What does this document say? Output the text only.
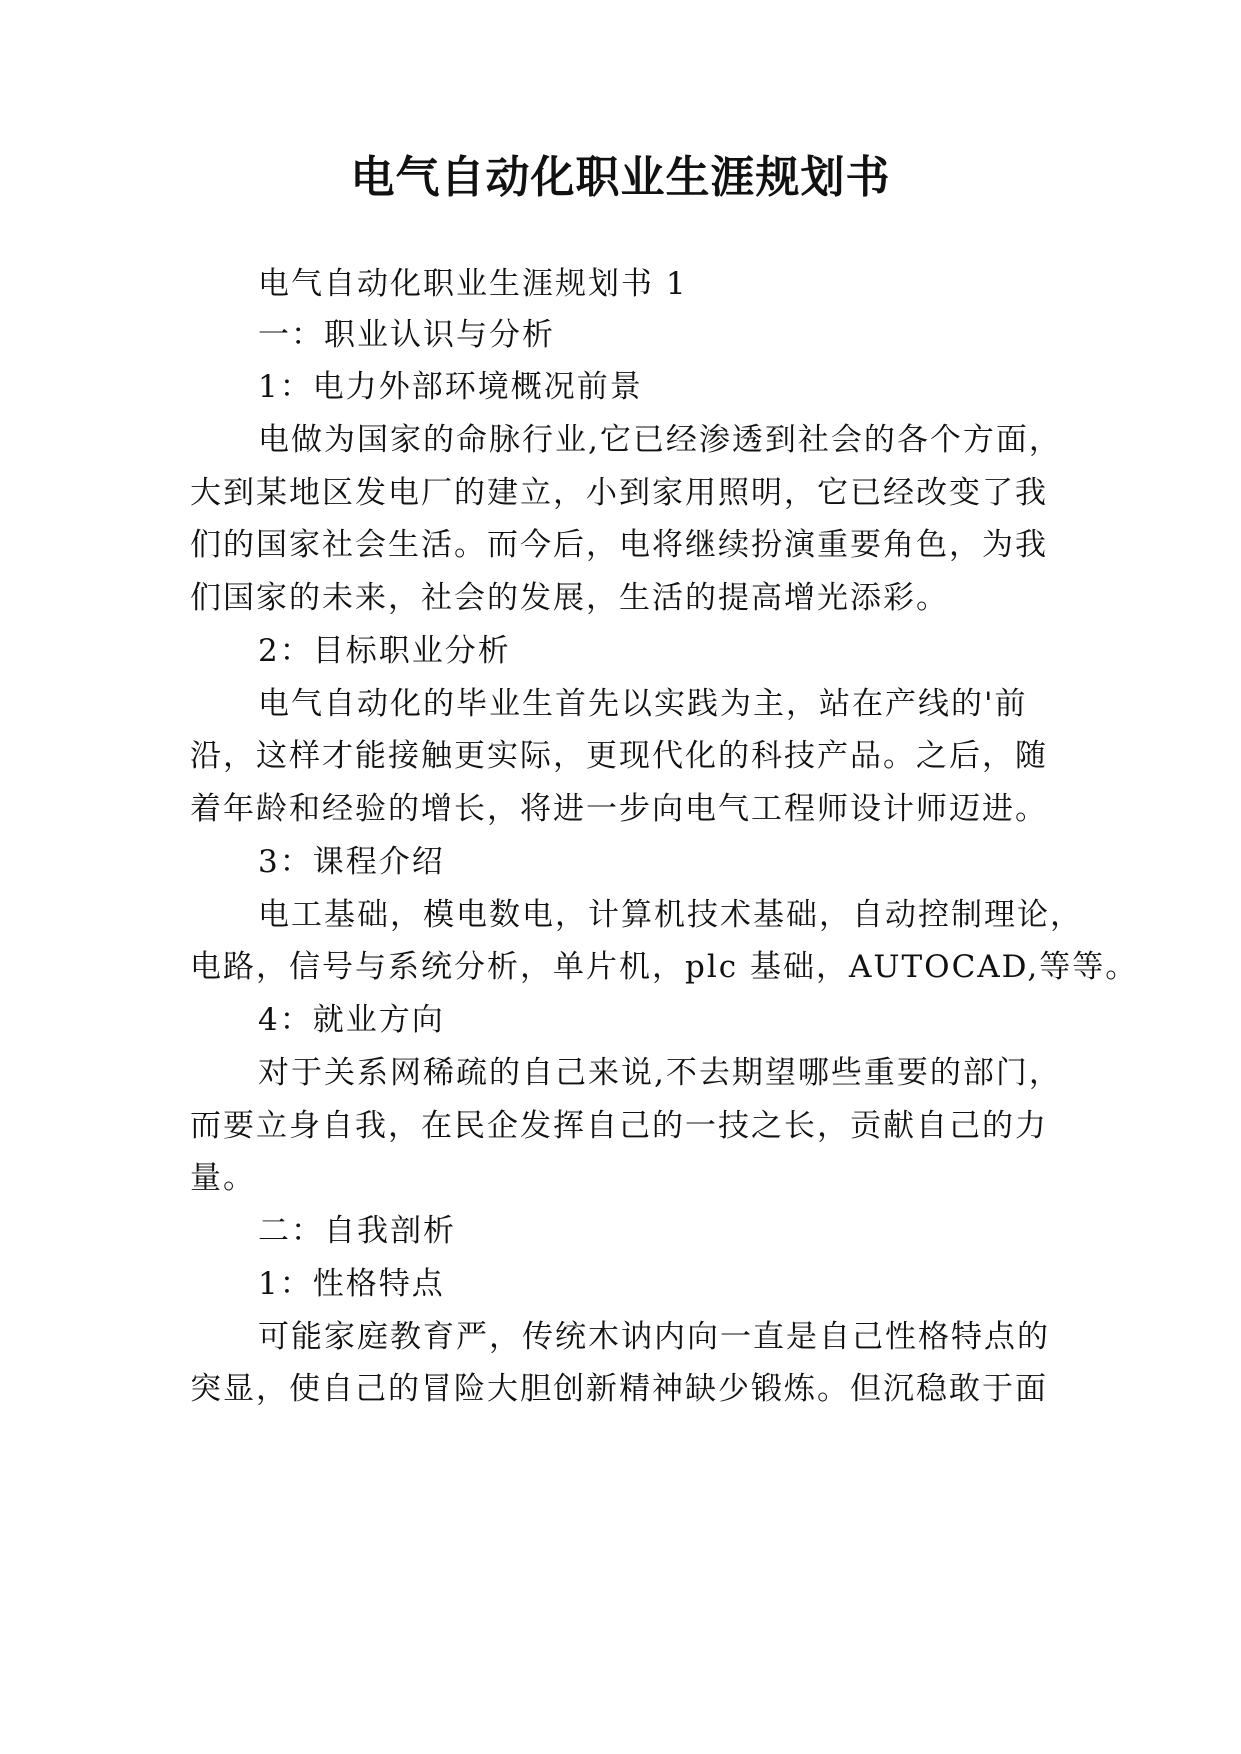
电气自动化职业生涯规划书
电气自动化职业生涯规划书 1
一：职业认识与分析
1：电力外部环境概况前景
电做为国家的命脉行业,它已经渗透到社会的各个方面，
大到某地区发电厂的建立，小到家用照明，它已经改变了我
们的国家社会生活。而今后，电将继续扮演重要角色，为我
们国家的未来，社会的发展，生活的提高增光添彩。
2：目标职业分析
电气自动化的毕业生首先以实践为主，站在产线的'前
沿，这样才能接触更实际，更现代化的科技产品。之后，随
着年龄和经验的增长，将进一步向电气工程师设计师迈进。
3：课程介绍
电工基础，模电数电，计算机技术基础，自动控制理论，
电路，信号与系统分析，单片机，plc 基础，AUTOCAD,等等。
4：就业方向
对于关系网稀疏的自己来说,不去期望哪些重要的部门，
而要立身自我，在民企发挥自己的一技之长，贡献自己的力
量。
二：自我剖析
1：性格特点
可能家庭教育严，传统木讷内向一直是自己性格特点的
突显，使自己的冒险大胆创新精神缺少锻炼。但沉稳敢于面
